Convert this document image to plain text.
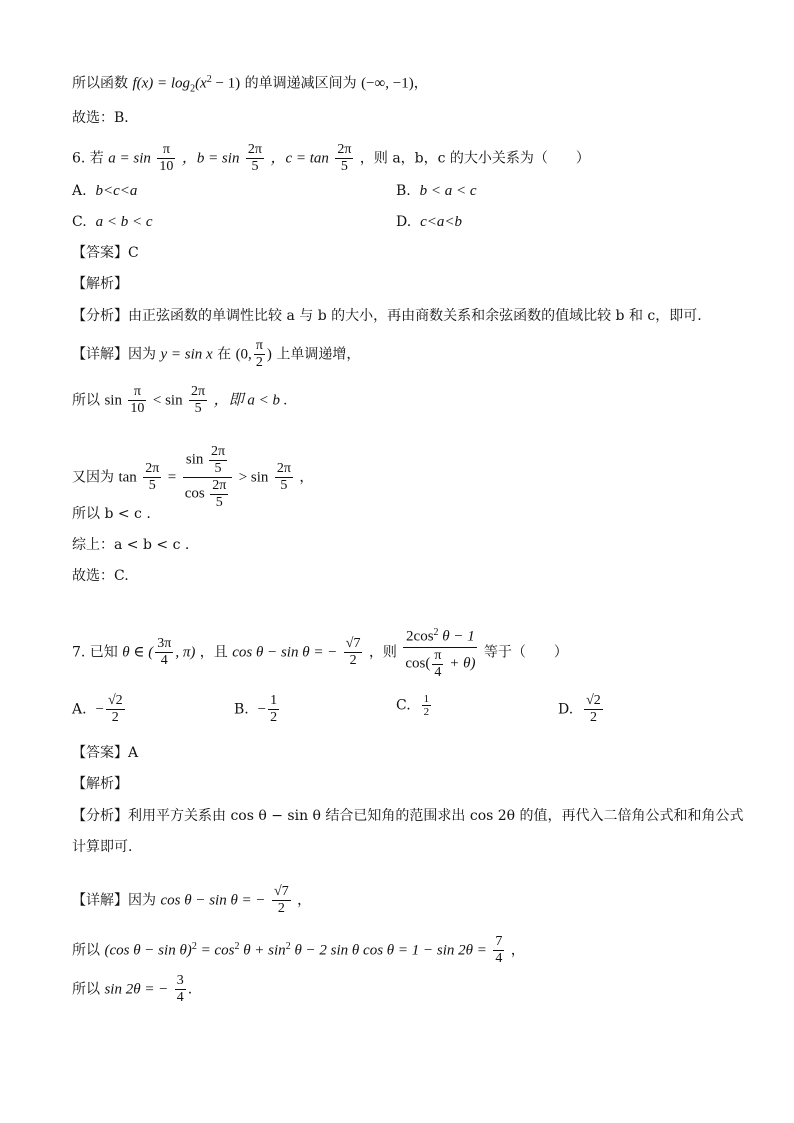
所以函数 $f(x) = \log_2(x^2 - 1)$ 的单调递减区间为 (−∞, −1)，
故选：B．
6. 若 $a = \sin \frac{\pi}{10}$ ，$b = \sin \frac{2\pi}{5}$ ，$c = \tan \frac{2\pi}{5}$ ，则 a，b，c 的大小关系为（　　）
A. b<c<a	B. b < a < c
C. a < b < c	D. c<a<b
【答案】C
【解析】
【分析】由正弦函数的单调性比较 a 与 b 的大小，再由商数关系和余弦函数的值域比较 b 和 c，即可.
【详解】因为 y = sin x 在 (0, $\frac{\pi}{2}$ ) 上单调递增，
所以 $\sin \frac{\pi}{10} < \sin \frac{2\pi}{5}$ ，即 a < b .
又因为 $\tan \frac{2\pi}{5} = \frac{\sin \frac{2\pi}{5}}{\cos \frac{2\pi}{5}} > \sin \frac{2\pi}{5}$ ，
所以 b < c .
综上：a < b < c .
故选：C.
7. 已知 θ ∈ ( $\frac{3\pi}{4}$ , π) ，且 cos θ − sin θ = − $\frac{√7}{2}$ ，则 $\frac{2\cos^2 \theta - 1}{\cos( \frac{\pi}{4} + \theta)}$ 等于（　　）
A. − $\frac{√2}{2}$	B. − $\frac{1}{2}$	C. $\frac{1}{2}$	D. $\frac{√2}{2}$
【答案】A
【解析】
【分析】利用平方关系由 cos θ − sin θ 结合已知角的范围求出 cos 2θ 的值，再代入二倍角公式和和角公式
计算即可.
【详解】因为 cos θ − sin θ = − $\frac{√7}{2}$ ，
所以 (cos $\theta - \sin \theta)^2 = \cos^2 \theta + \sin^2 \theta - 2$ sin θ $\cos \theta = 1 - \sin 2\theta = \frac{7}{4}$ ，
所以 sin 2θ = − $\frac{3}{4}$ .
